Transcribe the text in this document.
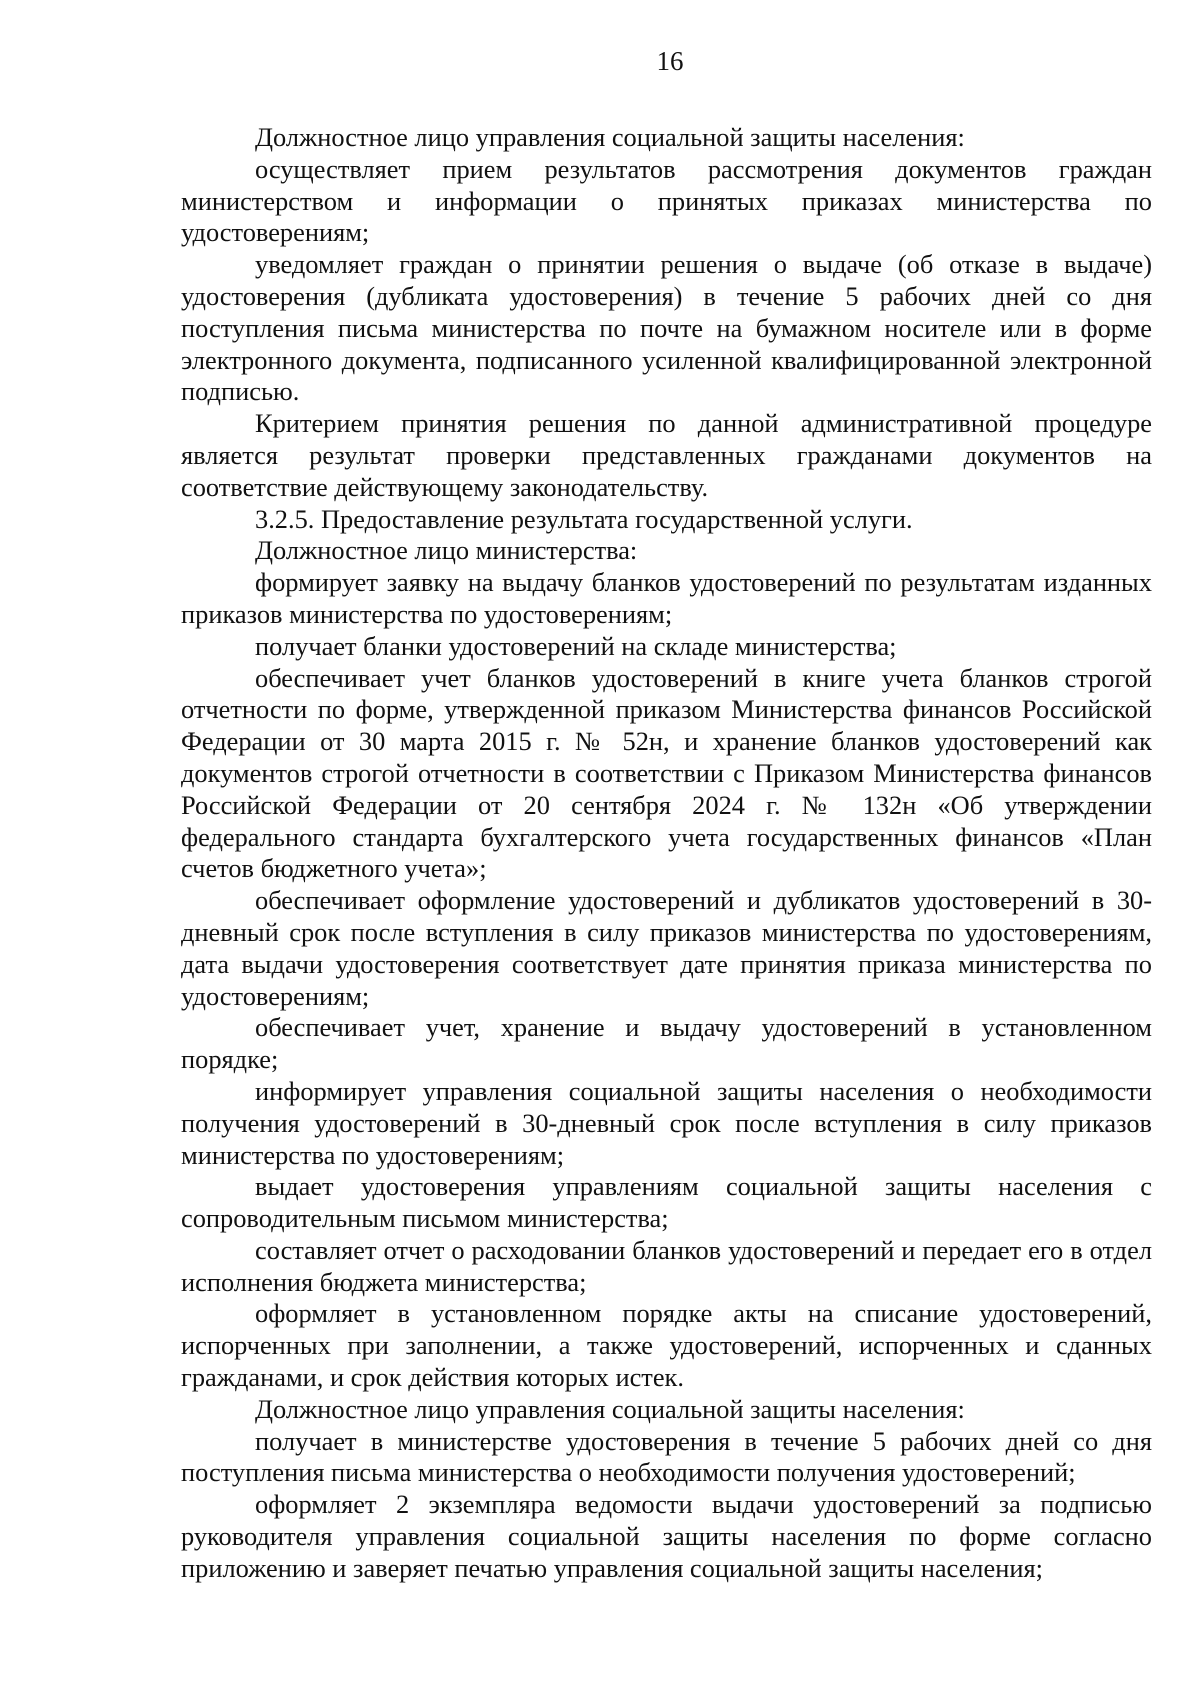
16

Должностное лицо управления социальной защиты населения:

осуществляет прием результатов рассмотрения документов граждан министерством и информации о принятых приказах министерства по удостоверениям;

уведомляет граждан о принятии решения о выдаче (об отказе в выдаче) удостоверения (дубликата удостоверения) в течение 5 рабочих дней со дня поступления письма министерства по почте на бумажном носителе или в форме электронного документа, подписанного усиленной квалифицированной электронной подписью.

Критерием принятия решения по данной административной процедуре является результат проверки представленных гражданами документов на соответствие действующему законодательству.

3.2.5. Предоставление результата государственной услуги.

Должностное лицо министерства:

формирует заявку на выдачу бланков удостоверений по результатам изданных приказов министерства по удостоверениям;

получает бланки удостоверений на складе министерства;

обеспечивает учет бланков удостоверений в книге учета бланков строгой отчетности по форме, утвержденной приказом Министерства финансов Российской Федерации от 30 марта 2015 г. № 52н, и хранение бланков удостоверений как документов строгой отчетности в соответствии с Приказом Министерства финансов Российской Федерации от 20 сентября 2024 г. № 132н «Об утверждении федерального стандарта бухгалтерского учета государственных финансов «План счетов бюджетного учета»;

обеспечивает оформление удостоверений и дубликатов удостоверений в 30-дневный срок после вступления в силу приказов министерства по удостоверениям, дата выдачи удостоверения соответствует дате принятия приказа министерства по удостоверениям;

обеспечивает учет, хранение и выдачу удостоверений в установленном порядке;

информирует управления социальной защиты населения о необходимости получения удостоверений в 30-дневный срок после вступления в силу приказов министерства по удостоверениям;

выдает удостоверения управлениям социальной защиты населения с сопроводительным письмом министерства;

составляет отчет о расходовании бланков удостоверений и передает его в отдел исполнения бюджета министерства;

оформляет в установленном порядке акты на списание удостоверений, испорченных при заполнении, а также удостоверений, испорченных и сданных гражданами, и срок действия которых истек.

Должностное лицо управления социальной защиты населения:

получает в министерстве удостоверения в течение 5 рабочих дней со дня поступления письма министерства о необходимости получения удостоверений;

оформляет 2 экземпляра ведомости выдачи удостоверений за подписью руководителя управления социальной защиты населения по форме согласно приложению и заверяет печатью управления социальной защиты населения;
